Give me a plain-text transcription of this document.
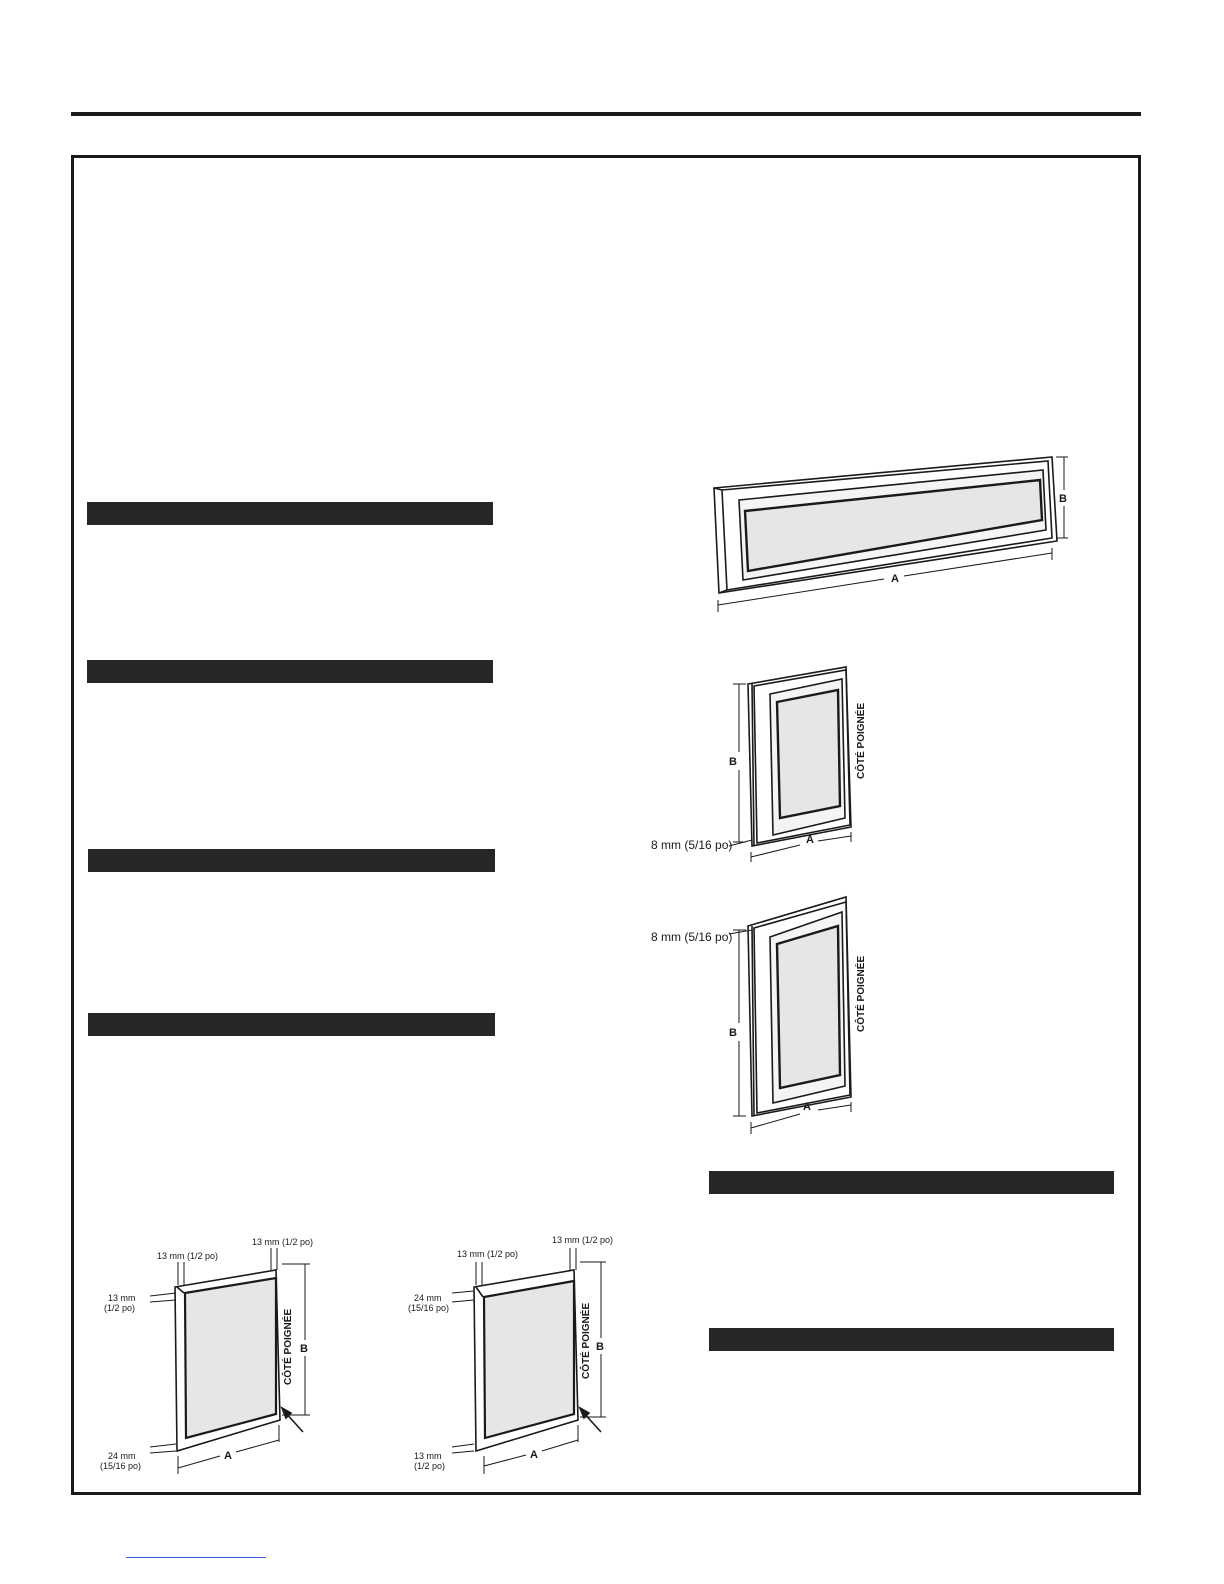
A
B
B
A
CÔTÉ POIGNÉE
8 mm (5/16 po)
B
A
CÔTÉ POIGNÉE
8 mm (5/16 po)
13 mm (1/2 po)
13 mm (1/2 po)
13 mm
(1/2 po)
24 mm
(15/16 po)
B
A
CÔTÉ POIGNÉE
13 mm (1/2 po)
13 mm (1/2 po)
24 mm
(15/16 po)
13 mm
(1/2 po)
B
A
CÔTÉ POIGNÉE
